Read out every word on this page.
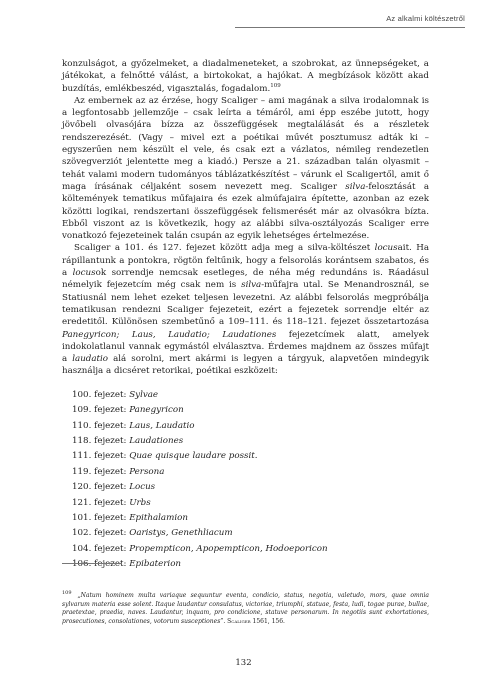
Az alkalmi költészetről

konzulságot, a győzelmeket, a diadalmeneteket, a szobrokat, az ünnepségeket, a játékokat, a felnőtté válást, a birtokokat, a hajókat. A megbízások között akad buzdítás, emlékbeszéd, vigasztalás, fogadalom.$^{109}$

Az embernek az az érzése, hogy Scaliger – ami magának a silva irodalomnak is a legfontosabb jellemzője – csak leírta a témáról, ami épp eszébe jutott, hogy jövőbeli olvasójára bízza az összefüggések megtalálását és a részletek rendszerezését. (Vagy – mivel ezt a poétikai művét posztumusz adták ki – egyszerűen nem készült el vele, és csak ezt a vázlatos, némileg rendezetlen szövegverziót jelentette meg a kiadó.) Persze a 21. században talán olyasmit – tehát valami modern tudományos táblázatkészítést – várunk el Scaligertől, amit ő maga írásának céljaként sosem nevezett meg. Scaliger silva-felosztását a költemények tematikus műfajaira és ezek almúfajaira építette, azonban az ezek közötti logikai, rendszertani összefüggések felismerését már az olvasókra bízta. Ebből viszont az is következik, hogy az alábbi silva-osztályozás Scaliger erre vonatkozó fejezeteinek talán csupán az egyik lehetséges értelmezése.

Scaliger a 101. és 127. fejezet között adja meg a silva-költészet locusait. Ha rápillantunk a pontokra, rögtön feltűnik, hogy a felsorolás korántsem szabatos, és a locusok sorrendje nemcsak esetleges, de néha még redundáns is. Ráadásul némelyik fejezetcím még csak nem is silva-műfajra utal. Se Menandrosznál, se Statiusnál nem lehet ezeket teljesen levezetni. Az alábbi felsorolás megpróbálja tematikusan rendezni Scaliger fejezeteit, ezért a fejezetek sorrendje eltér az eredetitől. Különösen szembetűnő a 109–111. és 118–121. fejezet összetartozása Panegyricon; Laus, Laudatio; Laudationes fejezetcímek alatt, amelyek indokolatlanul vannak egymástól elválasztva. Érdemes majdnem az összes műfajt a laudatio alá sorolni, mert akármi is legyen a tárgyuk, alapvetően mindegyik használja a dicséret retorikai, poétikai eszközeit:

100. fejezet: Sylvae
109. fejezet: Panegyricon
110. fejezet: Laus, Laudatio
118. fejezet: Laudationes
111. fejezet: Quae quisque laudare possit.
119. fejezet: Persona
120. fejezet: Locus
121. fejezet: Urbs
101. fejezet: Epithalamion
102. fejezet: Oaristys, Genethliacum
104. fejezet: Propempticon, Apopempticon, Hodoeporicon
106. fejezet: Epibaterion
$^{109}$ „Natum hominem multa variaque sequuntur eventa, condicio, status, negotia, valetudo, mors, quae omnia sylvarum materia esse solent. Itaque laudantur consulatus, victoriae, triumphi, statuae, festa, ludi, togae purae, bullae, praetextae, praedia, naves. Laudantur, inquam, pro condicione, statuve personarum. In negotiis sunt exhortationes, prosecutiones, consolationes, votorum susceptiones”. Scaliger 1561, 156.
132
